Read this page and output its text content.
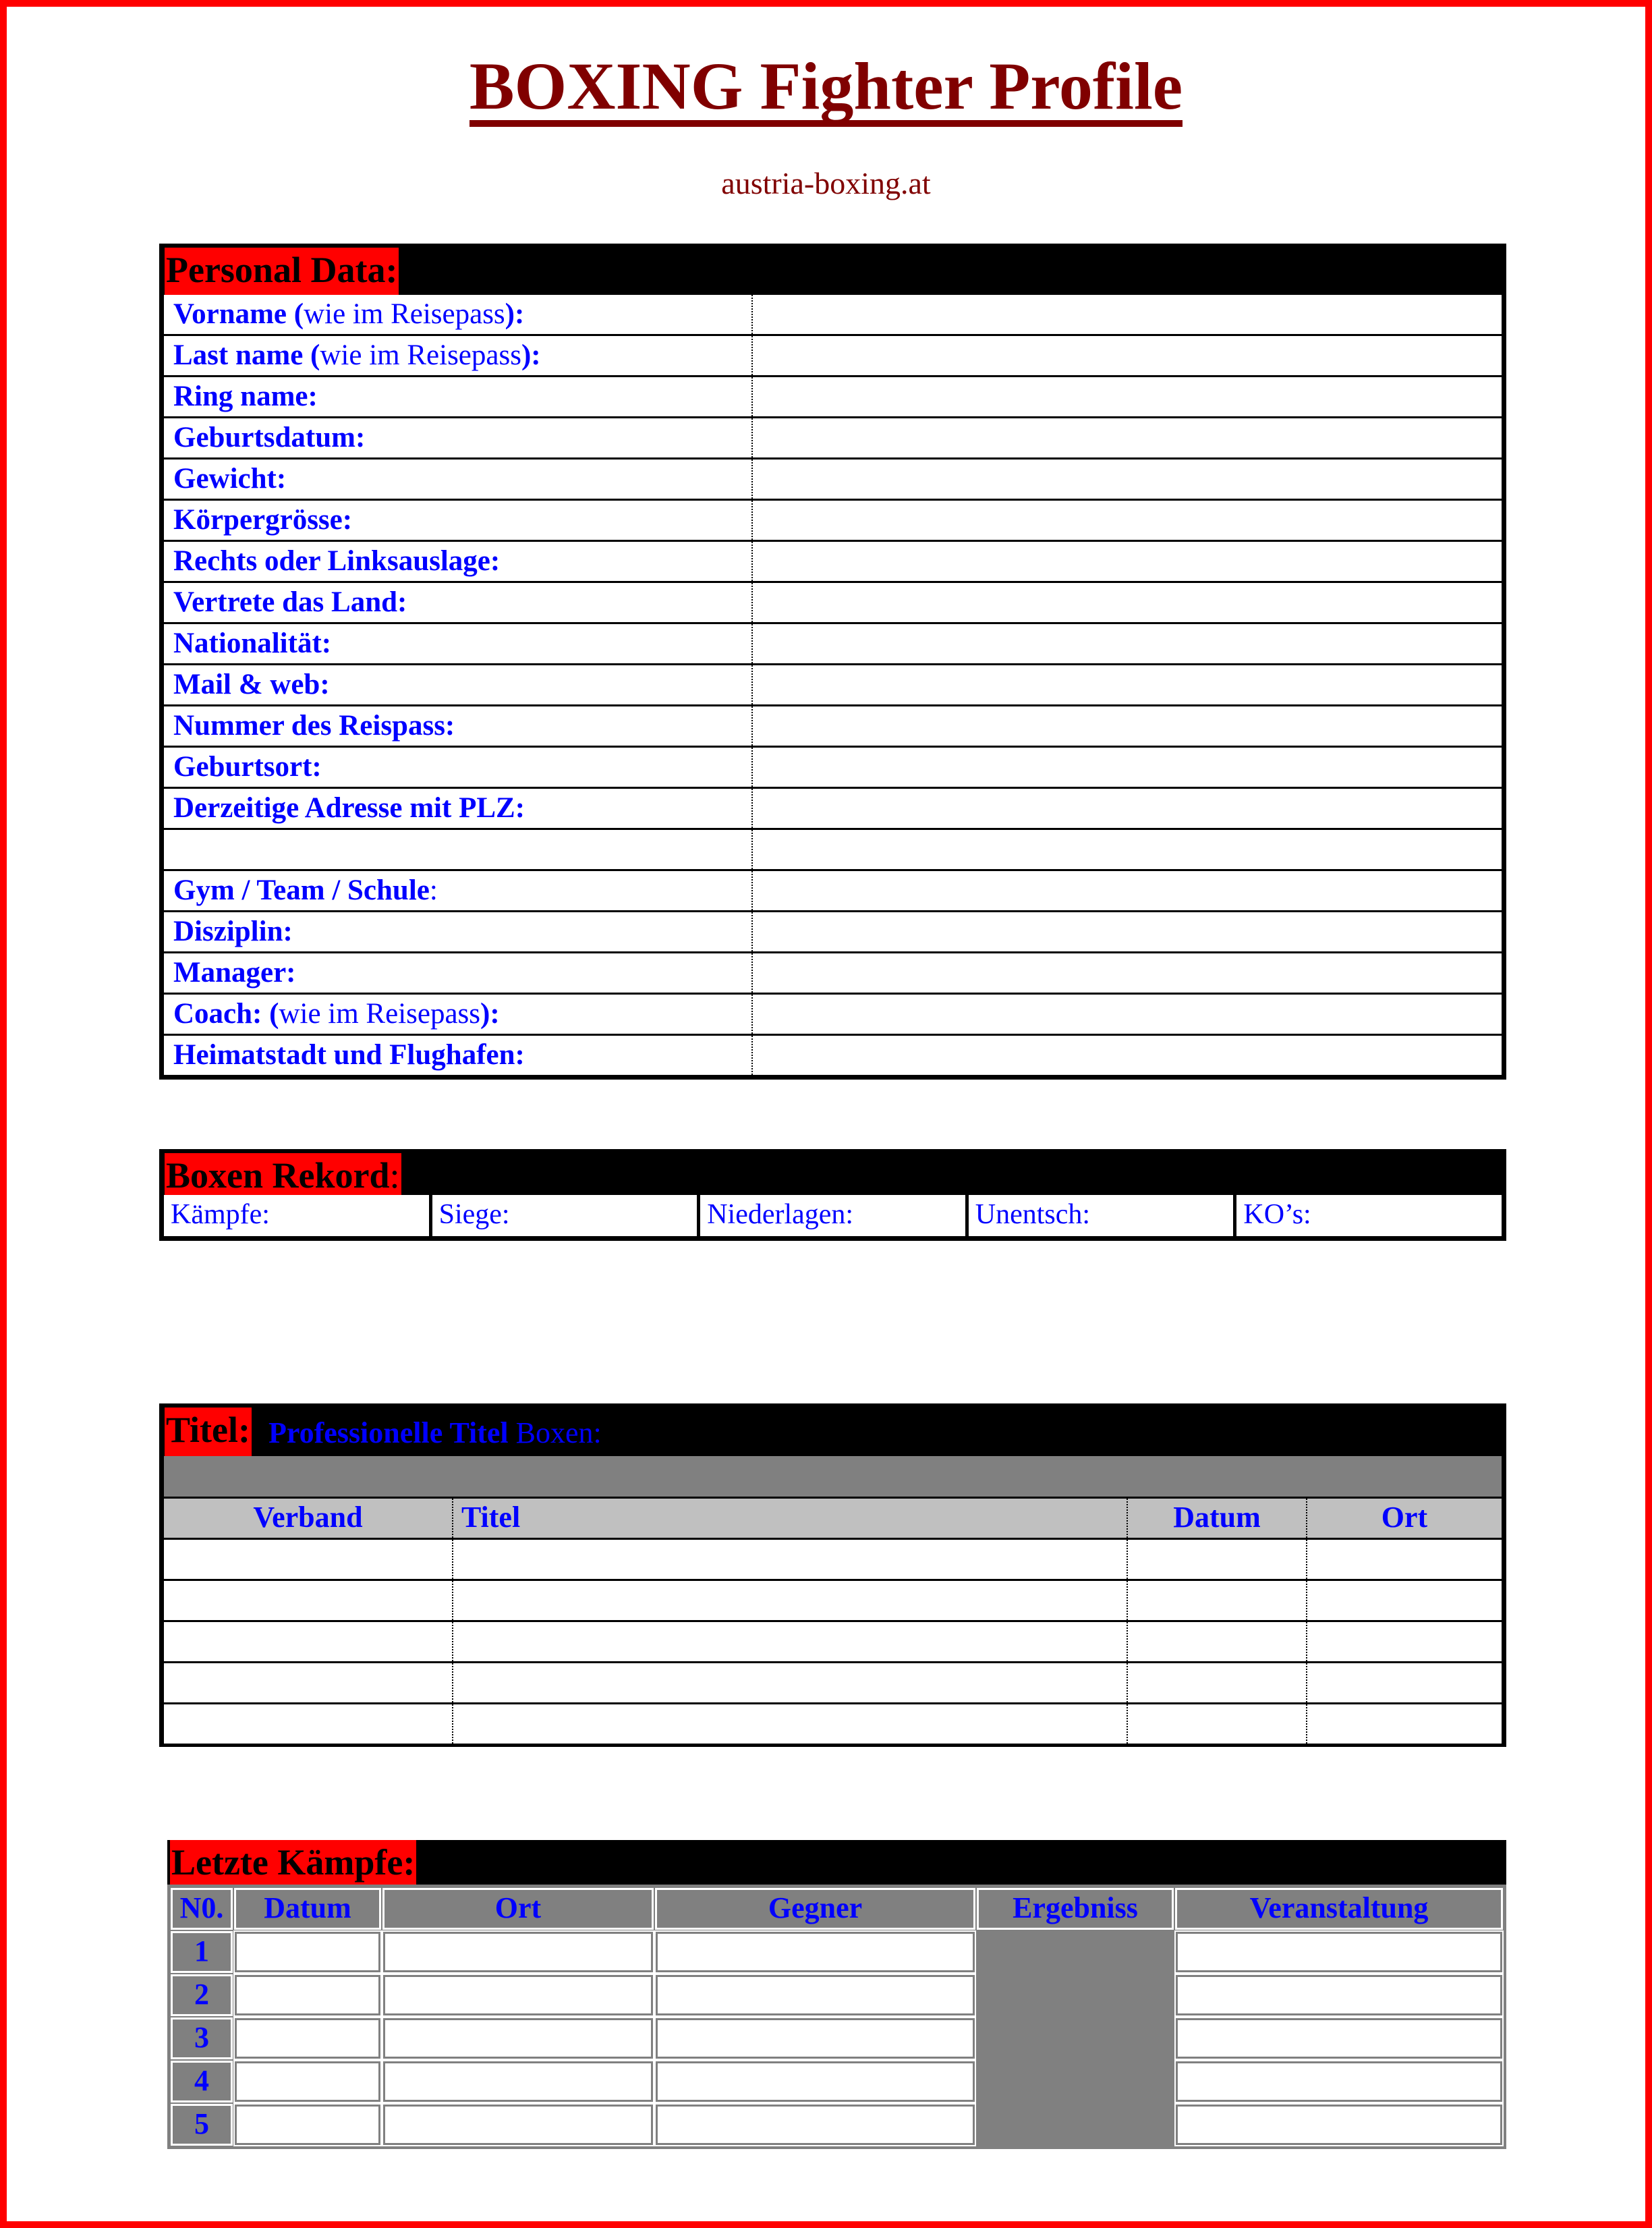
BOXING Fighter Profile
austria-boxing.at
Personal Data:
Vorname (wie im Reisepass):
Last name (wie im Reisepass):
Ring name:
Geburtsdatum:
Gewicht:
Körpergrösse:
Rechts oder Linksauslage:
Vertrete das Land:
Nationalität:
Mail & web:
Nummer des Reispass:
Geburtsort:
Derzeitige Adresse mit PLZ:
Gym / Team / Schule:
Disziplin:
Manager:
Coach: (wie im Reisepass):
Heimatstadt und Flughafen:
Boxen Rekord:
Kämpfe:	Siege:	Niederlagen:	Unentsch:	KO’s:
Titel: Professionelle Titel Boxen:
Verband	Titel	Datum	Ort
Letzte Kämpfe:
N0.	Datum	Ort	Gegner	Ergebniss	Veranstaltung
1
2
3
4
5
